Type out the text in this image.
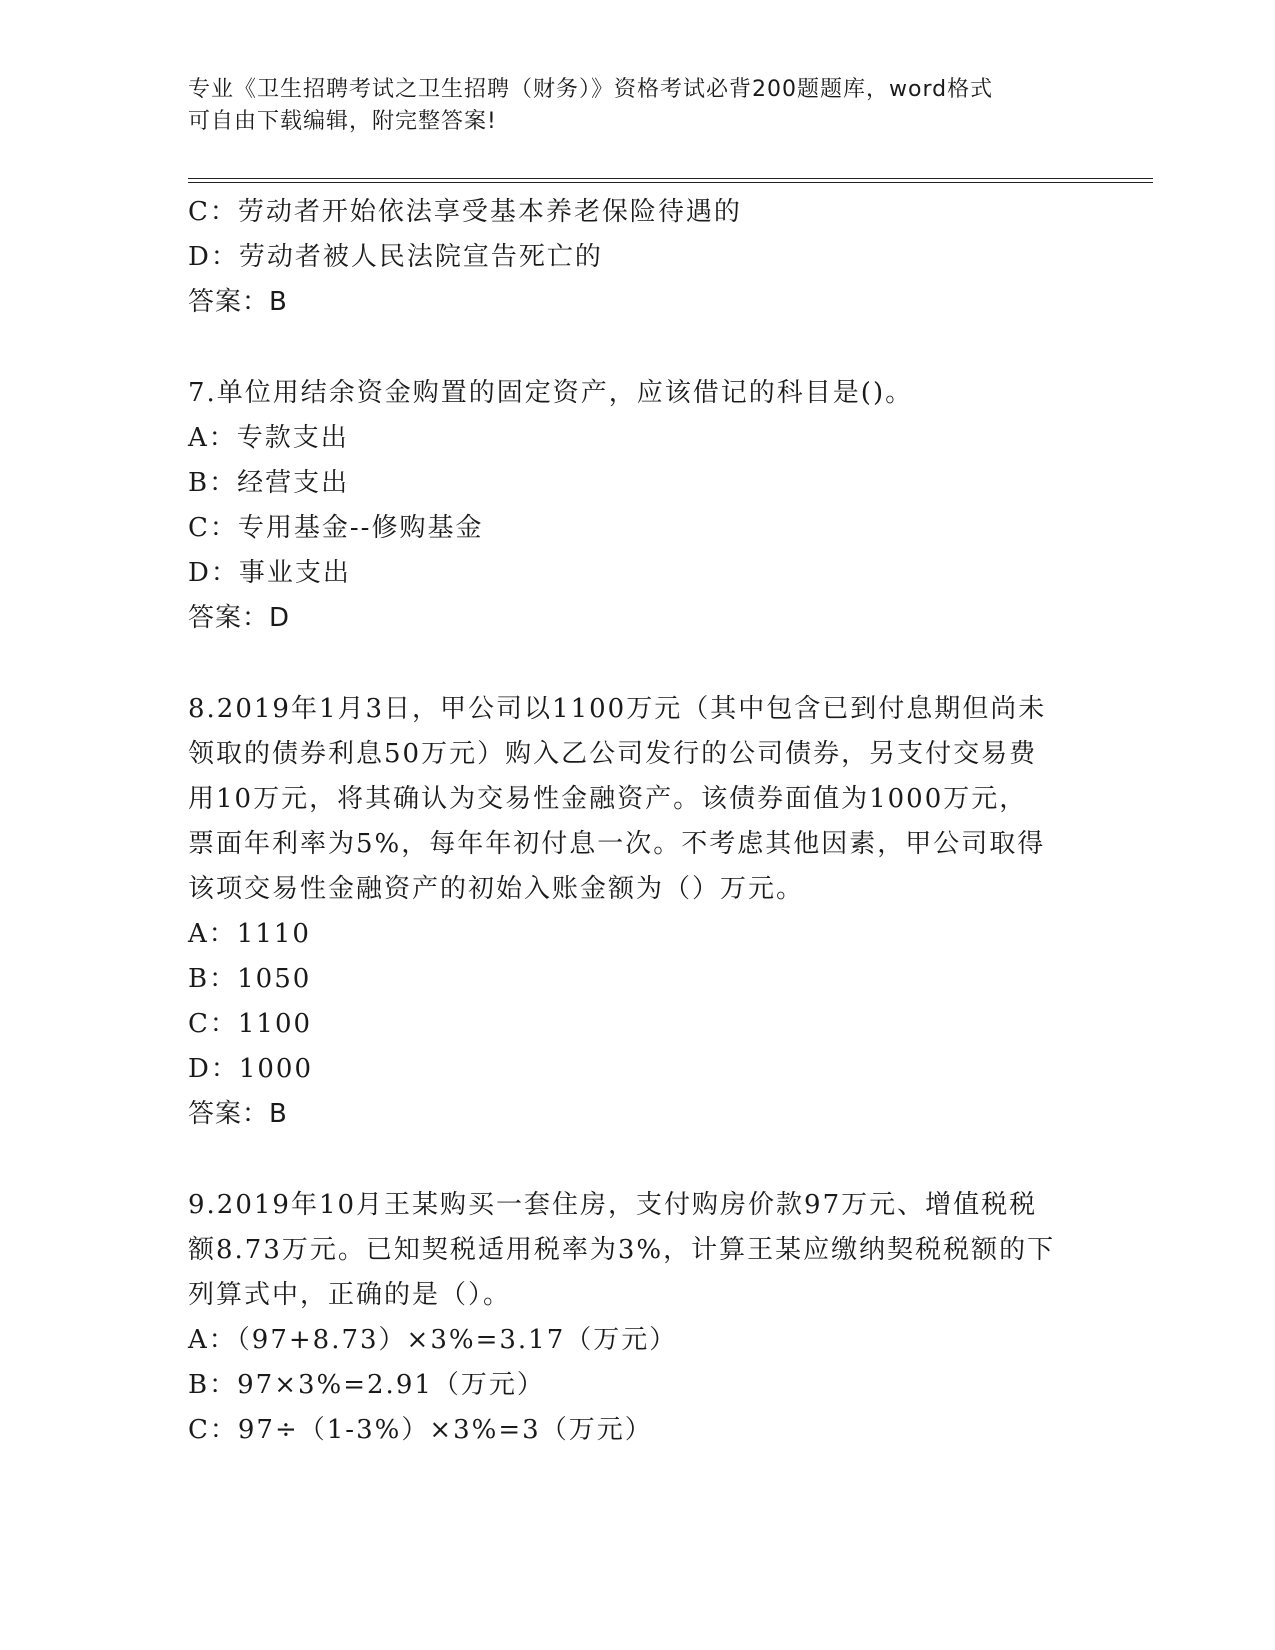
专业《卫生招聘考试之卫生招聘（财务）》资格考试必背200题题库，word格式
可自由下载编辑，附完整答案!
C：劳动者开始依法享受基本养老保险待遇的
D：劳动者被人民法院宣告死亡的
答案：B
7.单位用结余资金购置的固定资产，应该借记的科目是()。
A：专款支出
B：经营支出
C：专用基金--修购基金
D：事业支出
答案：D
8.2019年1月3日，甲公司以1100万元（其中包含已到付息期但尚未
领取的债券利息50万元）购入乙公司发行的公司债券，另支付交易费
用10万元，将其确认为交易性金融资产。该债券面值为1000万元，
票面年利率为5%，每年年初付息一次。不考虑其他因素，甲公司取得
该项交易性金融资产的初始入账金额为（）万元。
A：1110
B：1050
C：1100
D：1000
答案：B
9.2019年10月王某购买一套住房，支付购房价款97万元、增值税税
额8.73万元。已知契税适用税率为3%，计算王某应缴纳契税税额的下
列算式中，正确的是（）。
A：（97+8.73）×3%=3.17（万元）
B：97×3%=2.91（万元）
C：97÷（1-3%）×3%=3（万元）
